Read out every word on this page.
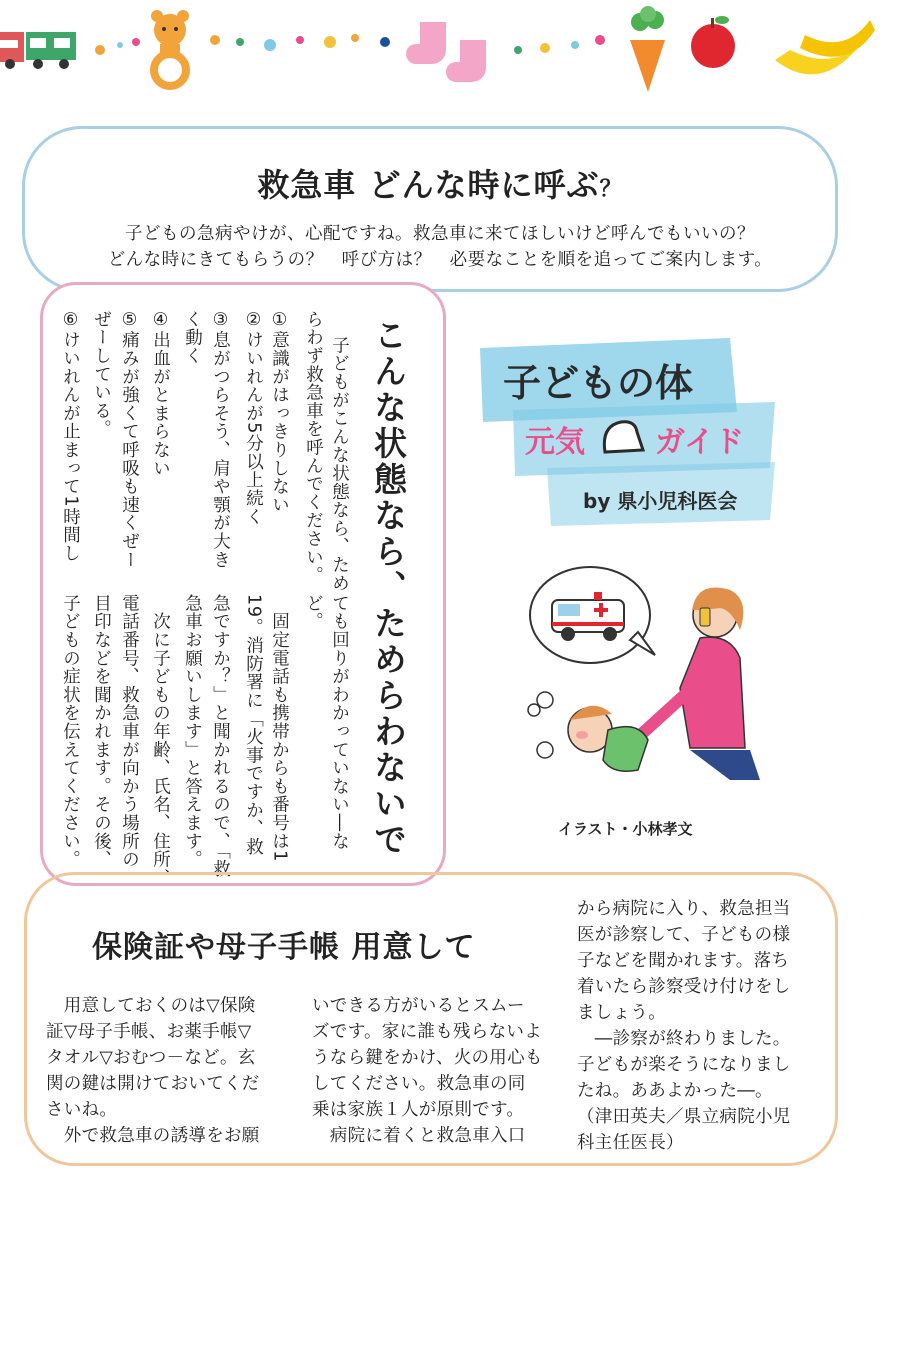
救急車 どんな時に呼ぶ？
子どもの急病やけが、心配ですね。救急車に来てほしいけど呼んでもいいの？
どんな時にきてもらうの？　呼び方は？　必要なことを順を追ってご案内します。
こんな状態なら、ためらわないで
子どもがこんな状態なら、ため
らわず救急車を呼んでください。
①意識がはっきりしない
②けいれんが5分以上続く
③息がつらそう、肩や顎が大き
く動く
④出血がとまらない
⑤痛みが強くて呼吸も速くぜー
ぜーしている。
⑥けいれんが止まって1時間し
ても回りがわかっていない―な
ど。
　固定電話も携帯からも番号は1
19。消防署に「火事ですか、救
急ですか？」と聞かれるので、「救
急車お願いします」と答えます。
　次に子どもの年齢、氏名、住所、
電話番号、救急車が向かう場所の
目印などを聞かれます。その後、
子どもの症状を伝えてください。
子どもの体
元気 ガイド
by 県小児科医会
イラスト・小林孝文
保険証や母子手帳 用意して
　用意しておくのは▽保険
証▽母子手帳、お薬手帳▽
タオル▽おむつ－など。玄
関の鍵は開けておいてくだ
さいね。
　外で救急車の誘導をお願
いできる方がいるとスムー
ズです。家に誰も残らないよ
うなら鍵をかけ、火の用心も
してください。救急車の同
乗は家族１人が原則です。
　病院に着くと救急車入口
から病院に入り、救急担当
医が診察して、子どもの様
子などを聞かれます。落ち
着いたら診察受け付けをし
ましょう。
　―診察が終わりました。
子どもが楽そうになりまし
たね。ああよかった―。
（津田英夫／県立病院小児
科主任医長）
